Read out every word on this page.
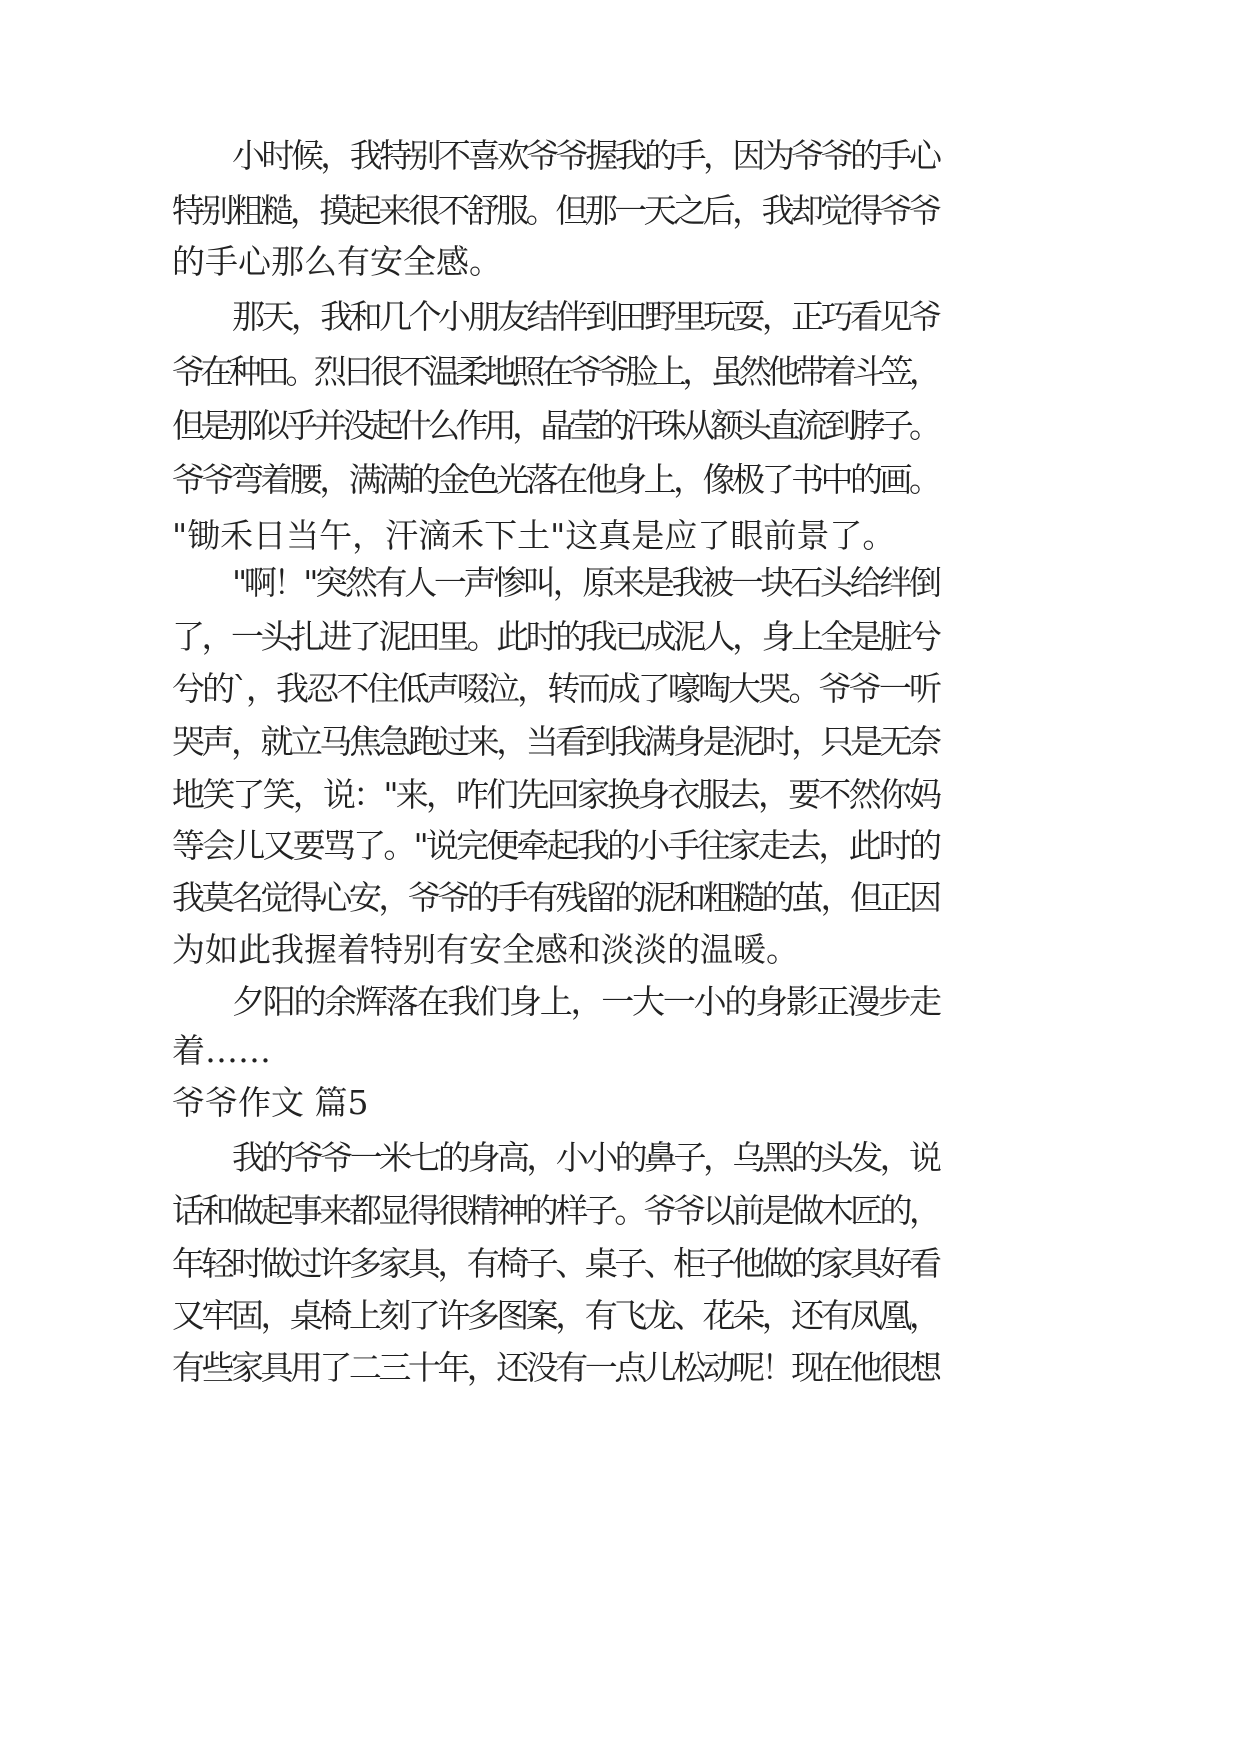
小时候，我特别不喜欢爷爷握我的手，因为爷爷的手心
特别粗糙，摸起来很不舒服。但那一天之后，我却觉得爷爷
的手心那么有安全感。
那天，我和几个小朋友结伴到田野里玩耍，正巧看见爷
爷在种田。烈日很不温柔地照在爷爷脸上，虽然他带着斗笠，
但是那似乎并没起什么作用，晶莹的汗珠从额头直流到脖子。
爷爷弯着腰，满满的金色光落在他身上，像极了书中的画。
"锄禾日当午，汗滴禾下土"这真是应了眼前景了。
"啊！"突然有人一声惨叫，原来是我被一块石头给绊倒
了，一头扎进了泥田里。此时的我已成泥人，身上全是脏兮
兮的`，我忍不住低声啜泣，转而成了嚎啕大哭。爷爷一听
哭声，就立马焦急跑过来，当看到我满身是泥时，只是无奈
地笑了笑，说："来，咋们先回家换身衣服去，要不然你妈
等会儿又要骂了。"说完便牵起我的小手往家走去，此时的
我莫名觉得心安，爷爷的手有残留的泥和粗糙的茧，但正因
为如此我握着特别有安全感和淡淡的温暖。
夕阳的余辉落在我们身上，一大一小的身影正漫步走
着……
爷爷作文 篇5
我的爷爷一米七的身高，小小的鼻子，乌黑的头发，说
话和做起事来都显得很精神的样子。爷爷以前是做木匠的，
年轻时做过许多家具，有椅子、桌子、柜子他做的家具好看
又牢固，桌椅上刻了许多图案，有飞龙、花朵，还有凤凰，
有些家具用了二三十年，还没有一点儿松动呢！现在他很想
